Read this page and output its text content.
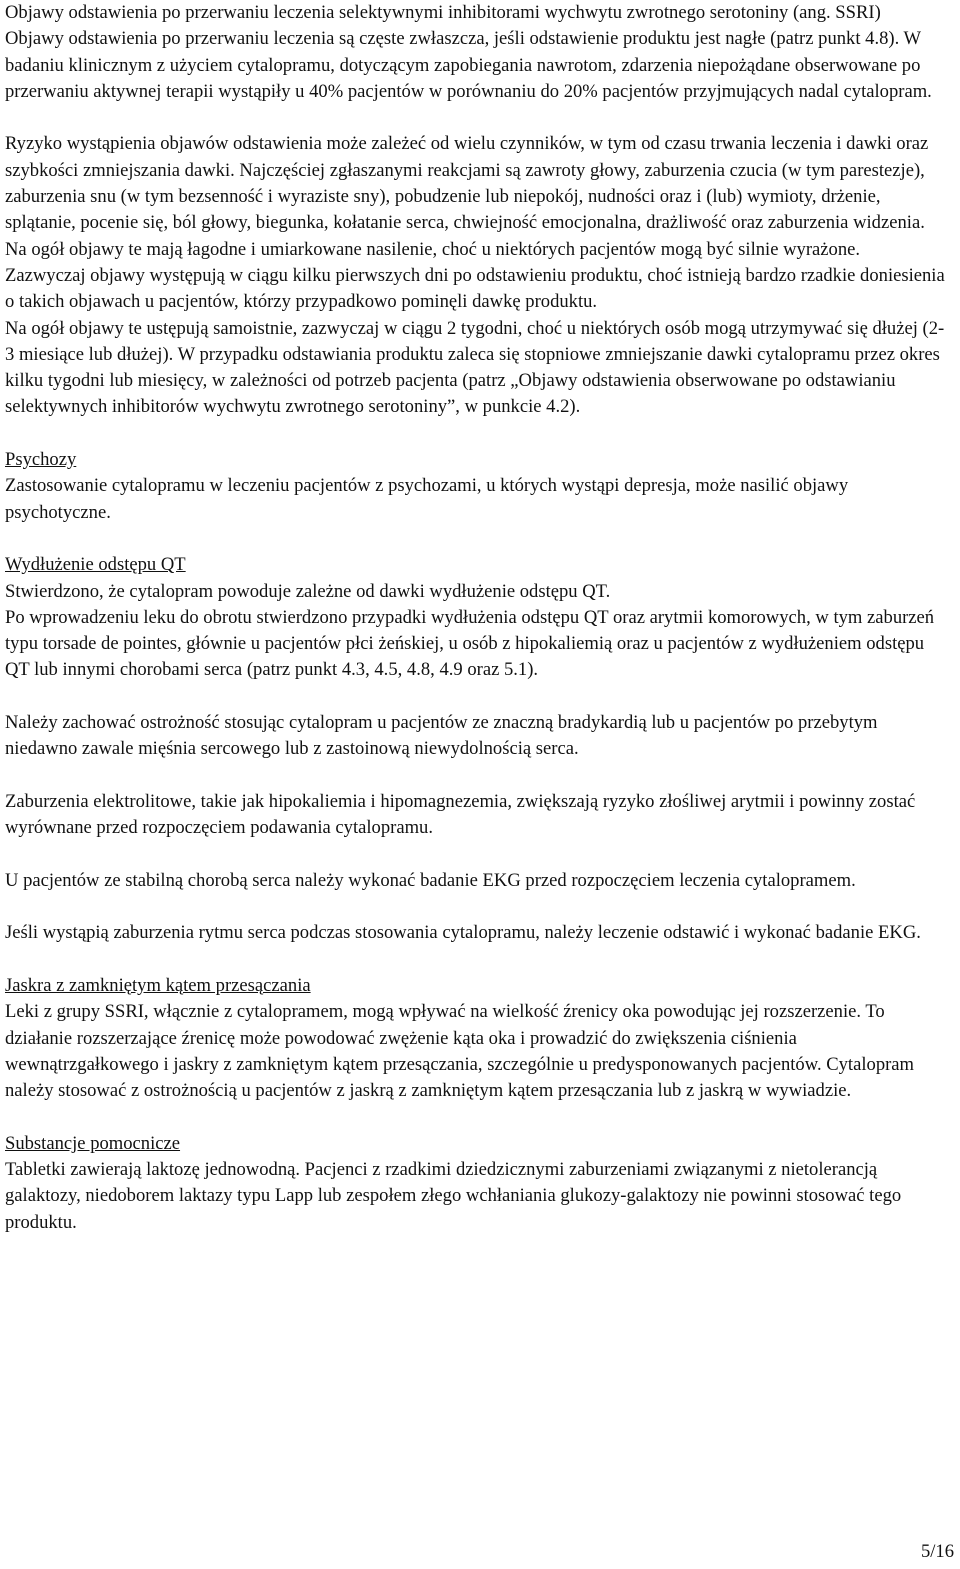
Objawy odstawienia po przerwaniu leczenia selektywnymi inhibitorami wychwytu zwrotnego serotoniny (ang. SSRI)

Objawy odstawienia po przerwaniu leczenia są częste zwłaszcza, jeśli odstawienie produktu jest nagłe (patrz punkt 4.8). W badaniu klinicznym z użyciem cytalopramu, dotyczącym zapobiegania nawrotom, zdarzenia niepożądane obserwowane po przerwaniu aktywnej terapii wystąpiły u 40% pacjentów w porównaniu do 20% pacjentów przyjmujących nadal cytalopram.

Ryzyko wystąpienia objawów odstawienia może zależeć od wielu czynników, w tym od czasu trwania leczenia i dawki oraz szybkości zmniejszania dawki. Najczęściej zgłaszanymi reakcjami są zawroty głowy, zaburzenia czucia (w tym parestezje), zaburzenia snu (w tym bezsenność i wyraziste sny), pobudzenie lub niepokój, nudności oraz i (lub) wymioty, drżenie, splątanie, pocenie się, ból głowy, biegunka, kołatanie serca, chwiejność emocjonalna, drażliwość oraz zaburzenia widzenia.

Na ogół objawy te mają łagodne i umiarkowane nasilenie, choć u niektórych pacjentów mogą być silnie wyrażone.

Zazwyczaj objawy występują w ciągu kilku pierwszych dni po odstawieniu produktu, choć istnieją bardzo rzadkie doniesienia o takich objawach u pacjentów, którzy przypadkowo pominęli dawkę produktu.

Na ogół objawy te ustępują samoistnie, zazwyczaj w ciągu 2 tygodni, choć u niektórych osób mogą utrzymywać się dłużej (2-3 miesiące lub dłużej). W przypadku odstawiania produktu zaleca się stopniowe zmniejszanie dawki cytalopramu przez okres kilku tygodni lub miesięcy, w zależności od potrzeb pacjenta (patrz „Objawy odstawienia obserwowane po odstawianiu selektywnych inhibitorów wychwytu zwrotnego serotoniny”, w punkcie 4.2).

Psychozy

Zastosowanie cytalopramu w leczeniu pacjentów z psychozami, u których wystąpi depresja, może nasilić objawy psychotyczne.

Wydłużenie odstępu QT

Stwierdzono, że cytalopram powoduje zależne od dawki wydłużenie odstępu QT.

Po wprowadzeniu leku do obrotu stwierdzono przypadki wydłużenia odstępu QT oraz arytmii komorowych, w tym zaburzeń typu torsade de pointes, głównie u pacjentów płci żeńskiej, u osób z hipokaliemią oraz u pacjentów z wydłużeniem odstępu QT lub innymi chorobami serca (patrz punkt 4.3, 4.5, 4.8, 4.9 oraz 5.1).

Należy zachować ostrożność stosując cytalopram u pacjentów ze znaczną bradykardią lub u pacjentów po przebytym niedawno zawale mięśnia sercowego lub z zastoinową niewydolnością serca.

Zaburzenia elektrolitowe, takie jak hipokaliemia i hipomagnezemia, zwiększają ryzyko złośliwej arytmii i powinny zostać wyrównane przed rozpoczęciem podawania cytalopramu.

U pacjentów ze stabilną chorobą serca należy wykonać badanie EKG przed rozpoczęciem leczenia cytalopramem.

Jeśli wystąpią zaburzenia rytmu serca podczas stosowania cytalopramu, należy leczenie odstawić i wykonać badanie EKG.

Jaskra z zamkniętym kątem przesączania

Leki z grupy SSRI, włącznie z cytalopramem, mogą wpływać na wielkość źrenicy oka powodując jej rozszerzenie. To działanie rozszerzające źrenicę może powodować zwężenie kąta oka i prowadzić do zwiększenia ciśnienia wewnątrzgałkowego i jaskry z zamkniętym kątem przesączania, szczególnie u predysponowanych pacjentów. Cytalopram należy stosować z ostrożnością u pacjentów z jaskrą z zamkniętym kątem przesączania lub z jaskrą w wywiadzie.

Substancje pomocnicze

Tabletki zawierają laktozę jednowodną. Pacjenci z rzadkimi dziedzicznymi zaburzeniami związanymi z nietolerancją galaktozy, niedoborem laktazy typu Lapp lub zespołem złego wchłaniania glukozy-galaktozy nie powinni stosować tego produktu.

5/16
